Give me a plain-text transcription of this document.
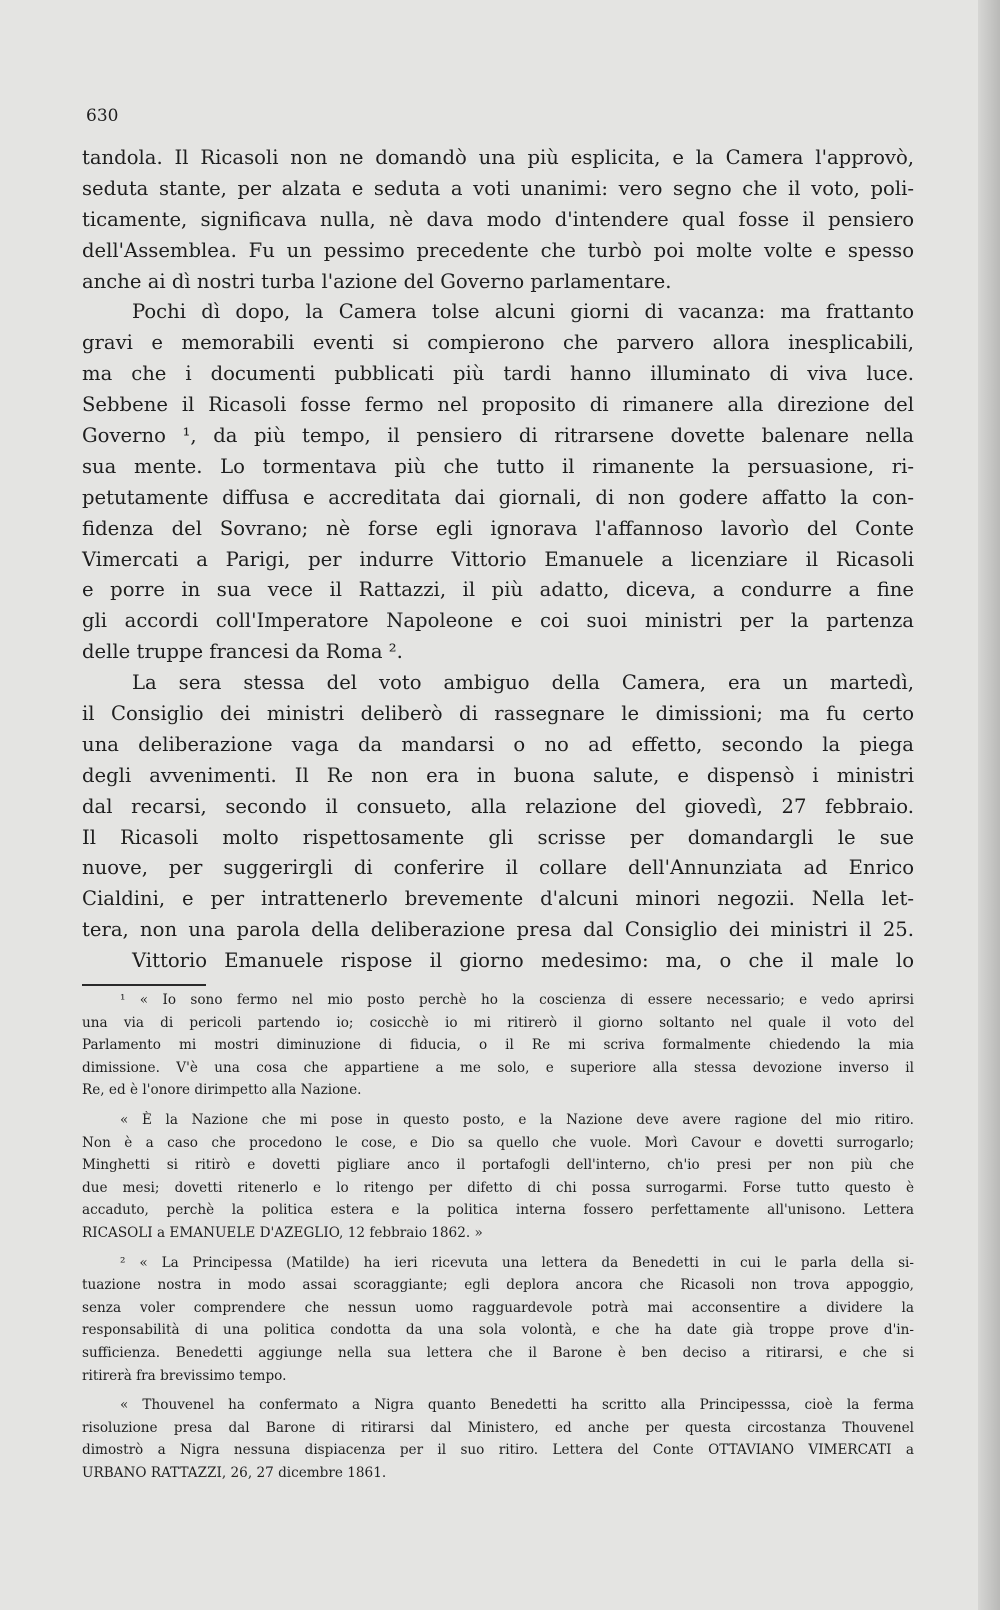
630
tandola. Il Ricasoli non ne domandò una più esplicita, e la Camera l'approvò,
seduta stante, per alzata e seduta a voti unanimi: vero segno che il voto, poli-
ticamente, significava nulla, nè dava modo d'intendere qual fosse il pensiero
dell'Assemblea. Fu un pessimo precedente che turbò poi molte volte e spesso
anche ai dì nostri turba l'azione del Governo parlamentare.
Pochi dì dopo, la Camera tolse alcuni giorni di vacanza: ma frattanto
gravi e memorabili eventi si compierono che parvero allora inesplicabili,
ma che i documenti pubblicati più tardi hanno illuminato di viva luce.
Sebbene il Ricasoli fosse fermo nel proposito di rimanere alla direzione del
Governo ¹, da più tempo, il pensiero di ritrarsene dovette balenare nella
sua mente. Lo tormentava più che tutto il rimanente la persuasione, ri-
petutamente diffusa e accreditata dai giornali, di non godere affatto la con-
fidenza del Sovrano; nè forse egli ignorava l'affannoso lavorìo del Conte
Vimercati a Parigi, per indurre Vittorio Emanuele a licenziare il Ricasoli
e porre in sua vece il Rattazzi, il più adatto, diceva, a condurre a fine
gli accordi coll'Imperatore Napoleone e coi suoi ministri per la partenza
delle truppe francesi da Roma ².
La sera stessa del voto ambiguo della Camera, era un martedì,
il Consiglio dei ministri deliberò di rassegnare le dimissioni; ma fu certo
una deliberazione vaga da mandarsi o no ad effetto, secondo la piega
degli avvenimenti. Il Re non era in buona salute, e dispensò i ministri
dal recarsi, secondo il consueto, alla relazione del giovedì, 27 febbraio.
Il Ricasoli molto rispettosamente gli scrisse per domandargli le sue
nuove, per suggerirgli di conferire il collare dell'Annunziata ad Enrico
Cialdini, e per intrattenerlo brevemente d'alcuni minori negozii. Nella let-
tera, non una parola della deliberazione presa dal Consiglio dei ministri il 25.
Vittorio Emanuele rispose il giorno medesimo: ma, o che il male lo
¹ « Io sono fermo nel mio posto perchè ho la coscienza di essere necessario; e vedo aprirsi
una via di pericoli partendo io; cosicchè io mi ritirerò il giorno soltanto nel quale il voto del
Parlamento mi mostri diminuzione di fiducia, o il Re mi scriva formalmente chiedendo la mia
dimissione. V'è una cosa che appartiene a me solo, e superiore alla stessa devozione inverso il
Re, ed è l'onore dirimpetto alla Nazione.
« È la Nazione che mi pose in questo posto, e la Nazione deve avere ragione del mio ritiro.
Non è a caso che procedono le cose, e Dio sa quello che vuole. Morì Cavour e dovetti surrogarlo;
Minghetti si ritirò e dovetti pigliare anco il portafogli dell'interno, ch'io presi per non più che
due mesi; dovetti ritenerlo e lo ritengo per difetto di chi possa surrogarmi. Forse tutto questo è
accaduto, perchè la politica estera e la politica interna fossero perfettamente all'unisono. Lettera
RICASOLI a EMANUELE D'AZEGLIO, 12 febbraio 1862. »
² « La Principessa (Matilde) ha ieri ricevuta una lettera da Benedetti in cui le parla della si-
tuazione nostra in modo assai scoraggiante; egli deplora ancora che Ricasoli non trova appoggio,
senza voler comprendere che nessun uomo ragguardevole potrà mai acconsentire a dividere la
responsabilità di una politica condotta da una sola volontà, e che ha date già troppe prove d'in-
sufficienza. Benedetti aggiunge nella sua lettera che il Barone è ben deciso a ritirarsi, e che si
ritirerà fra brevissimo tempo.
« Thouvenel ha confermato a Nigra quanto Benedetti ha scritto alla Principesssa, cioè la ferma
risoluzione presa dal Barone di ritirarsi dal Ministero, ed anche per questa circostanza Thouvenel
dimostrò a Nigra nessuna dispiacenza per il suo ritiro. Lettera del Conte OTTAVIANO VIMERCATI a
URBANO RATTAZZI, 26, 27 dicembre 1861.
